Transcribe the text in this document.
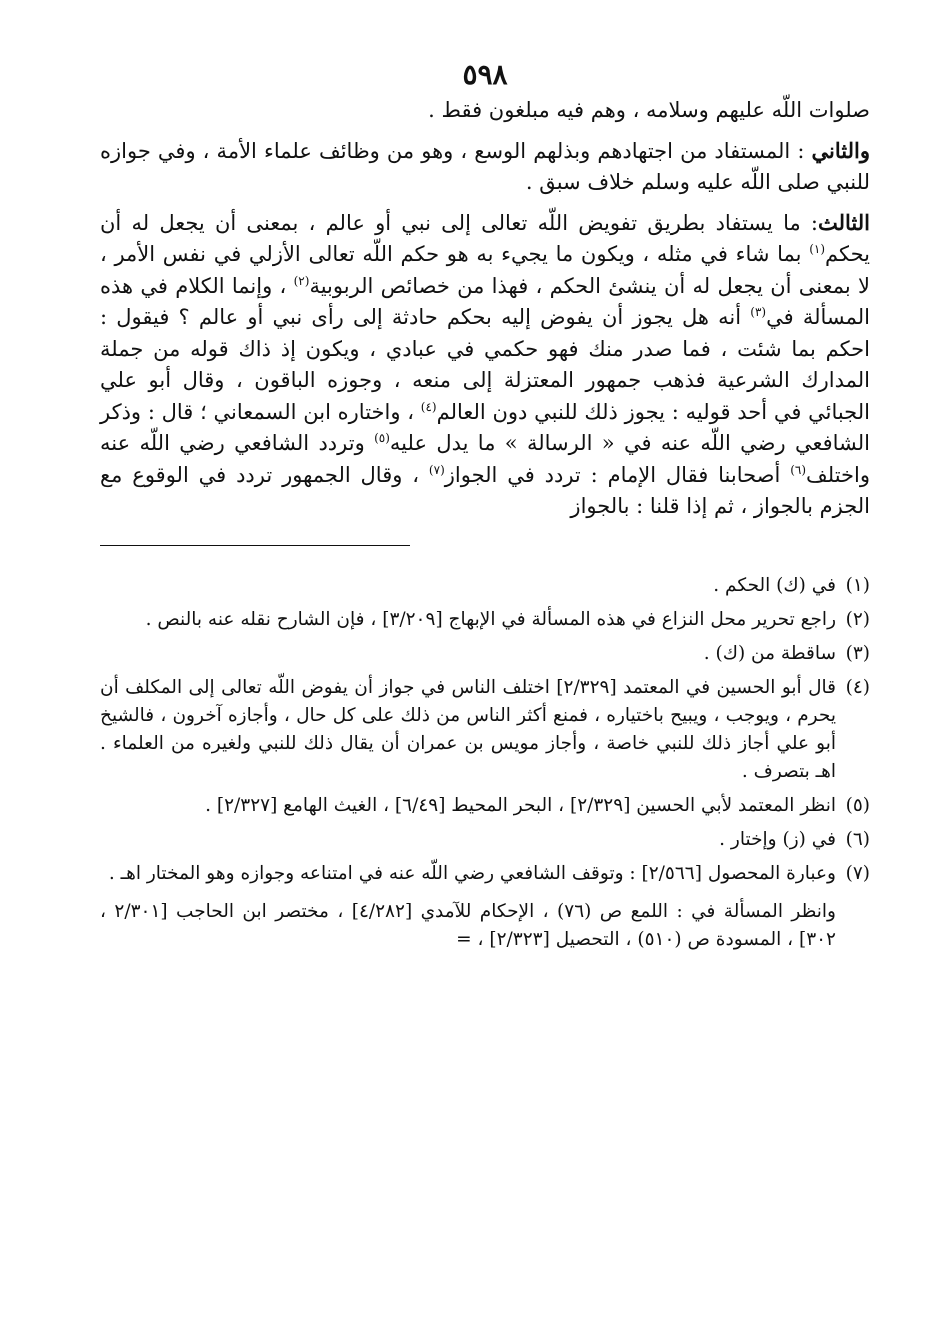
٥٩٨

صلوات اللّه عليهم وسلامه ، وهم فيه مبلغون فقط .

والثاني : المستفاد من اجتهادهم وبذلهم الوسع ، وهو من وظائف علماء الأمة ، وفي جوازه للنبي صلى اللّه عليه وسلم خلاف سبق .

الثالث: ما يستفاد بطريق تفويض اللّه تعالى إلى نبي أو عالم ، بمعنى أن يجعل له أن يحكم$^{(١)}$ بما شاء في مثله ، ويكون ما يجيء به هو حكم اللّه تعالى الأزلي في نفس الأمر ، لا بمعنى أن يجعل له أن ينشئ الحكم ، فهذا من خصائص الربوبية$^{(٢)}$ ، وإنما الكلام في هذه المسألة في$^{(٣)}$ أنه هل يجوز أن يفوض إليه بحكم حادثة إلى رأى نبي أو عالم ؟ فيقول : احكم بما شئت ، فما صدر منك فهو حكمي في عبادي ، ويكون إذ ذاك قوله من جملة المدارك الشرعية فذهب جمهور المعتزلة إلى منعه ، وجوزه الباقون ، وقال أبو علي الجبائي في أحد قوليه : يجوز ذلك للنبي دون العالم$^{(٤)}$ ، واختاره ابن السمعاني ؛ قال : وذكر الشافعي رضي اللّه عنه في « الرسالة » ما يدل عليه$^{(٥)}$ وتردد الشافعي رضي اللّه عنه واختلف$^{(٦)}$ أصحابنا فقال الإمام : تردد في الجواز$^{(٧)}$ ، وقال الجمهور تردد في الوقوع مع الجزم بالجواز ، ثم إذا قلنا : بالجواز

(١)
في (ك) الحكم .
(٢)
راجع تحرير محل النزاع في هذه المسألة في الإبهاج [٣/٢٠٩] ، فإن الشارح نقله عنه بالنص .
(٣)
ساقطة من (ك) .
(٤)
قال أبو الحسين في المعتمد [٢/٣٢٩] اختلف الناس في جواز أن يفوض اللّه تعالى إلى المكلف أن يحرم ، ويوجب ، ويبيح باختياره ، فمنع أكثر الناس من ذلك على كل حال ، وأجازه آخرون ، فالشيخ أبو علي أجاز ذلك للنبي خاصة ، وأجاز مويس بن عمران أن يقال ذلك للنبي ولغيره من العلماء . اهـ بتصرف .
(٥)
انظر المعتمد لأبي الحسين [٢/٣٢٩] ، البحر المحيط [٦/٤٩] ، الغيث الهامع [٢/٣٢٧] .
(٦)
في (ز) وإختار .
(٧)
وعبارة المحصول [٢/٥٦٦] : وتوقف الشافعي رضي اللّه عنه في امتناعه وجوازه وهو المختار اهـ .

وانظر المسألة في : اللمع ص (٧٦) ، الإحكام للآمدي [٤/٢٨٢] ، مختصر ابن الحاجب [٢/٣٠١ ، ٣٠٢] ، المسودة ص (٥١٠) ، التحصيل [٢/٣٢٣] ، =
